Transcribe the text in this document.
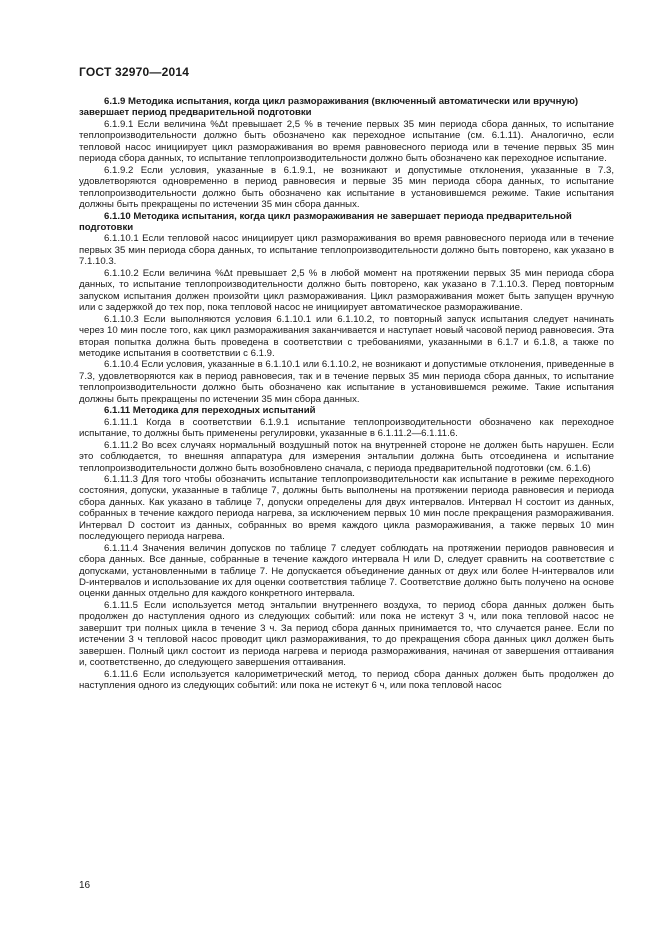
ГОСТ 32970—2014

6.1.9 Методика испытания, когда цикл размораживания (включенный автоматически или вручную) завершает период предварительной подготовки

6.1.9.1 Если величина %Δt превышает 2,5 % в течение первых 35 мин периода сбора данных, то испытание теплопроизводительности должно быть обозначено как переходное испытание (см. 6.1.11). Аналогично, если тепловой насос инициирует цикл размораживания во время равновесного периода или в течение первых 35 мин периода сбора данных, то испытание теплопроизводительности должно быть обозначено как переходное испытание.

6.1.9.2 Если условия, указанные в 6.1.9.1, не возникают и допустимые отклонения, указанные в 7.3, удовлетворяются одновременно в период равновесия и первые 35 мин периода сбора данных, то испытание теплопроизводительности должно быть обозначено как испытание в установившемся режиме. Такие испытания должны быть прекращены по истечении 35 мин сбора данных.

6.1.10 Методика испытания, когда цикл размораживания не завершает периода предварительной подготовки

6.1.10.1 Если тепловой насос инициирует цикл размораживания во время равновесного периода или в течение первых 35 мин периода сбора данных, то испытание теплопроизводительности должно быть повторено, как указано в 7.1.10.3.

6.1.10.2 Если величина %Δt превышает 2,5 % в любой момент на протяжении первых 35 мин периода сбора данных, то испытание теплопроизводительности должно быть повторено, как указано в 7.1.10.3. Перед повторным запуском испытания должен произойти цикл размораживания. Цикл размораживания может быть запущен вручную или с задержкой до тех пор, пока тепловой насос не инициирует автоматическое размораживание.

6.1.10.3 Если выполняются условия 6.1.10.1 или 6.1.10.2, то повторный запуск испытания следует начинать через 10 мин после того, как цикл размораживания заканчивается и наступает новый часовой период равновесия. Эта вторая попытка должна быть проведена в соответствии с требованиями, указанными в 6.1.7 и 6.1.8, а также по методике испытания в соответствии с 6.1.9.

6.1.10.4 Если условия, указанные в 6.1.10.1 или 6.1.10.2, не возникают и допустимые отклонения, приведенные в 7.3, удовлетворяются как в период равновесия, так и в течение первых 35 мин периода сбора данных, то испытание теплопроизводительности должно быть обозначено как испытание в установившемся режиме. Такие испытания должны быть прекращены по истечении 35 мин сбора данных.

6.1.11 Методика для переходных испытаний

6.1.11.1 Когда в соответствии 6.1.9.1 испытание теплопроизводительности обозначено как переходное испытание, то должны быть применены регулировки, указанные в 6.1.11.2—6.1.11.6.

6.1.11.2 Во всех случаях нормальный воздушный поток на внутренней стороне не должен быть нарушен. Если это соблюдается, то внешняя аппаратура для измерения энтальпии должна быть отсоединена и испытание теплопроизводительности должно быть возобновлено сначала, с периода предварительной подготовки (см. 6.1.6)

6.1.11.3 Для того чтобы обозначить испытание теплопроизводительности как испытание в режиме переходного состояния, допуски, указанные в таблице 7, должны быть выполнены на протяжении периода равновесия и периода сбора данных. Как указано в таблице 7, допуски определены для двух интервалов. Интервал H состоит из данных, собранных в течение каждого периода нагрева, за исключением первых 10 мин после прекращения размораживания. Интервал D состоит из данных, собранных во время каждого цикла размораживания, а также первых 10 мин последующего периода нагрева.

6.1.11.4 Значения величин допусков по таблице 7 следует соблюдать на протяжении периодов равновесия и сбора данных. Все данные, собранные в течение каждого интервала H или D, следует сравнить на соответствие с допусками, установленными в таблице 7. Не допускается объединение данных от двух или более H-интервалов или D-интервалов и использование их для оценки соответствия таблице 7. Соответствие должно быть получено на основе оценки данных отдельно для каждого конкретного интервала.

6.1.11.5 Если используется метод энтальпии внутреннего воздуха, то период сбора данных должен быть продолжен до наступления одного из следующих событий: или пока не истекут 3 ч, или пока тепловой насос не завершит три полных цикла в течение 3 ч. За период сбора данных принимается то, что случается ранее. Если по истечении 3 ч тепловой насос проводит цикл размораживания, то до прекращения сбора данных цикл должен быть завершен. Полный цикл состоит из периода нагрева и периода размораживания, начиная от завершения оттаивания и, соответственно, до следующего завершения оттаивания.

6.1.11.6 Если используется калориметрический метод, то период сбора данных должен быть продолжен до наступления одного из следующих событий: или пока не истекут 6 ч, или пока тепловой насос

16
